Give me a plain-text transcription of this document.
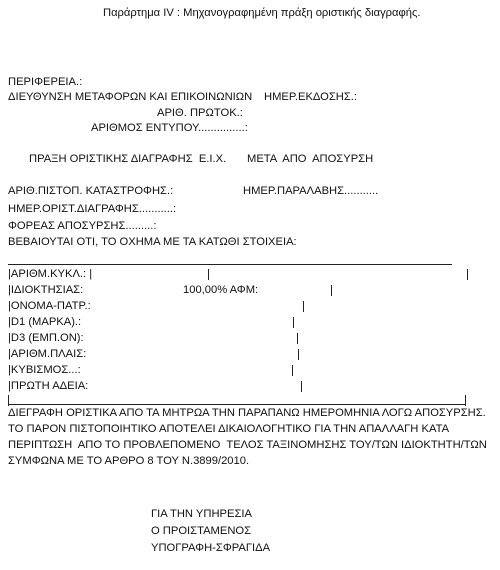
Παράρτημα IV : Μηχανογραφημένη πράξη οριστικής διαγραφής.
ΠΕΡΙΦΕΡΕΙΑ.:
ΔΙΕΥΘΥΝΣΗ ΜΕΤΑΦΟΡΩΝ ΚΑΙ ΕΠΙΚΟΙΝΩΝΙΩΝ ΗΜΕΡ.ΕΚΔΟΣΗΣ.:
ΑΡΙΘ. ΠΡΩΤΟΚ.:
ΑΡΙΘΜΟΣ ΕΝΤΥΠΟΥ...............:
ΠΡΑΞΗ ΟΡΙΣΤΙΚΗΣ ΔΙΑΓΡΑΦΗΣ  Ε.Ι.Χ. ΜΕΤΑ  ΑΠΟ  ΑΠΟΣΥΡΣΗ
ΑΡΙΘ.ΠΙΣΤΟΠ. ΚΑΤΑΣΤΡΟΦΗΣ.:	ΗΜΕΡ.ΠΑΡΑΛΑΒΗΣ...........
ΗΜΕΡ.ΟΡΙΣΤ.ΔΙΑΓΡΑΦΗΣ...........:
ΦΟΡΕΑΣ ΑΠΟΣΥΡΣΗΣ.........:
ΒΕΒΑΙΟΥΤΑΙ ΟΤΙ, ΤΟ ΟΧΗΜΑ ΜΕ ΤΑ ΚΑΤΩΘΙ ΣΤΟΙΧΕΙΑ:
|ΑΡΙΘΜ.ΚΥΚΛ.: |
|ΙΔΙΟΚΤΗΣΙΑΣ:	100,00% ΑΦΜ:
|ΟΝΟΜΑ-ΠΑΤΡ.:
|D1 (ΜΑΡΚΑ).:
|D3 (ΕΜΠ.ΟΝ):
|ΑΡΙΘΜ.ΠΛΑΙΣ:
|ΚΥΒΙΣΜΟΣ...:
|ΠΡΩΤΗ ΑΔΕΙΑ:
ΔΙΕΓΡΑΦΗ ΟΡΙΣΤΙΚΑ ΑΠΟ ΤΑ ΜΗΤΡΩΑ ΤΗΝ ΠΑΡΑΠΑΝΩ ΗΜΕΡΟΜΗΝΙΑ ΛΟΓΩ ΑΠΟΣΥΡΣΗΣ.
ΤΟ ΠΑΡΟΝ ΠΙΣΤΟΠΟΙΗΤΙΚΟ ΑΠΟΤΕΛΕΙ ΔΙΚΑΙΟΛΟΓΗΤΙΚΟ ΓΙΑ ΤΗΝ ΑΠΑΛΛΑΓΗ ΚΑΤΑ
ΠΕΡΙΠΤΩΣΗ  ΑΠΟ ΤΟ ΠΡΟΒΛΕΠΟΜΕΝΟ  ΤΕΛΟΣ ΤΑΞΙΝΟΜΗΣΗΣ ΤΟΥ/ΤΩΝ ΙΔΙΟΚΤΗΤΗ/ΤΩΝ
ΣΥΜΦΩΝΑ ΜΕ ΤΟ ΑΡΘΡΟ 8 ΤΟΥ Ν.3899/2010.
ΓΙΑ ΤΗΝ ΥΠΗΡΕΣΙΑ
Ο ΠΡΟΙΣΤΑΜΕΝΟΣ
ΥΠΟΓΡΑΦΗ-ΣΦΡΑΓΙΔΑ
